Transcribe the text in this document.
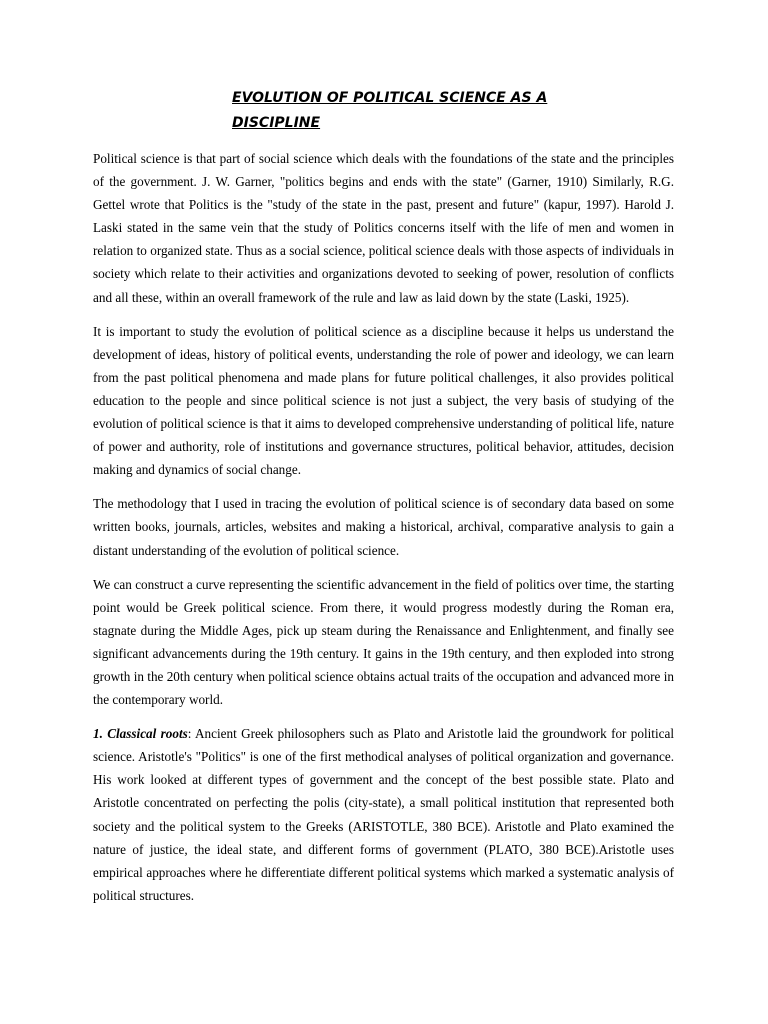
EVOLUTION OF POLITICAL SCIENCE AS A DISCIPLINE

Political science is that part of social science which deals with the foundations of the state and the principles of the government. J. W. Garner, "politics begins and ends with the state" (Garner, 1910) Similarly, R.G. Gettel wrote that Politics is the "study of the state in the past, present and future" (kapur, 1997). Harold J. Laski stated in the same vein that the study of Politics concerns itself with the life of men and women in relation to organized state. Thus as a social science, political science deals with those aspects of individuals in society which relate to their activities and organizations devoted to seeking of power, resolution of conflicts and all these, within an overall framework of the rule and law as laid down by the state (Laski, 1925).

It is important to study the evolution of political science as a discipline because it helps us understand the development of ideas, history of political events, understanding the role of power and ideology, we can learn from the past political phenomena and made plans for future political challenges, it also provides political education to the people and since political science is not just a subject, the very basis of studying of the evolution of political science is that it aims to developed comprehensive understanding of political life, nature of power and authority, role of institutions and governance structures, political behavior, attitudes, decision making and dynamics of social change.

The methodology that I used in tracing the evolution of political science is of secondary data based on some written books, journals, articles, websites and making a historical, archival, comparative analysis to gain a distant understanding of the evolution of political science.

We can construct a curve representing the scientific advancement in the field of politics over time, the starting point would be Greek political science. From there, it would progress modestly during the Roman era, stagnate during the Middle Ages, pick up steam during the Renaissance and Enlightenment, and finally see significant advancements during the 19th century. It gains in the 19th century, and then exploded into strong growth in the 20th century when political science obtains actual traits of the occupation and advanced more in the contemporary world.

1. Classical roots: Ancient Greek philosophers such as Plato and Aristotle laid the groundwork for political science. Aristotle's "Politics" is one of the first methodical analyses of political organization and governance. His work looked at different types of government and the concept of the best possible state. Plato and Aristotle concentrated on perfecting the polis (city-state), a small political institution that represented both society and the political system to the Greeks (ARISTOTLE, 380 BCE). Aristotle and Plato examined the nature of justice, the ideal state, and different forms of government (PLATO, 380 BCE).Aristotle uses empirical approaches where he differentiate different political systems which marked a systematic analysis of political structures.
